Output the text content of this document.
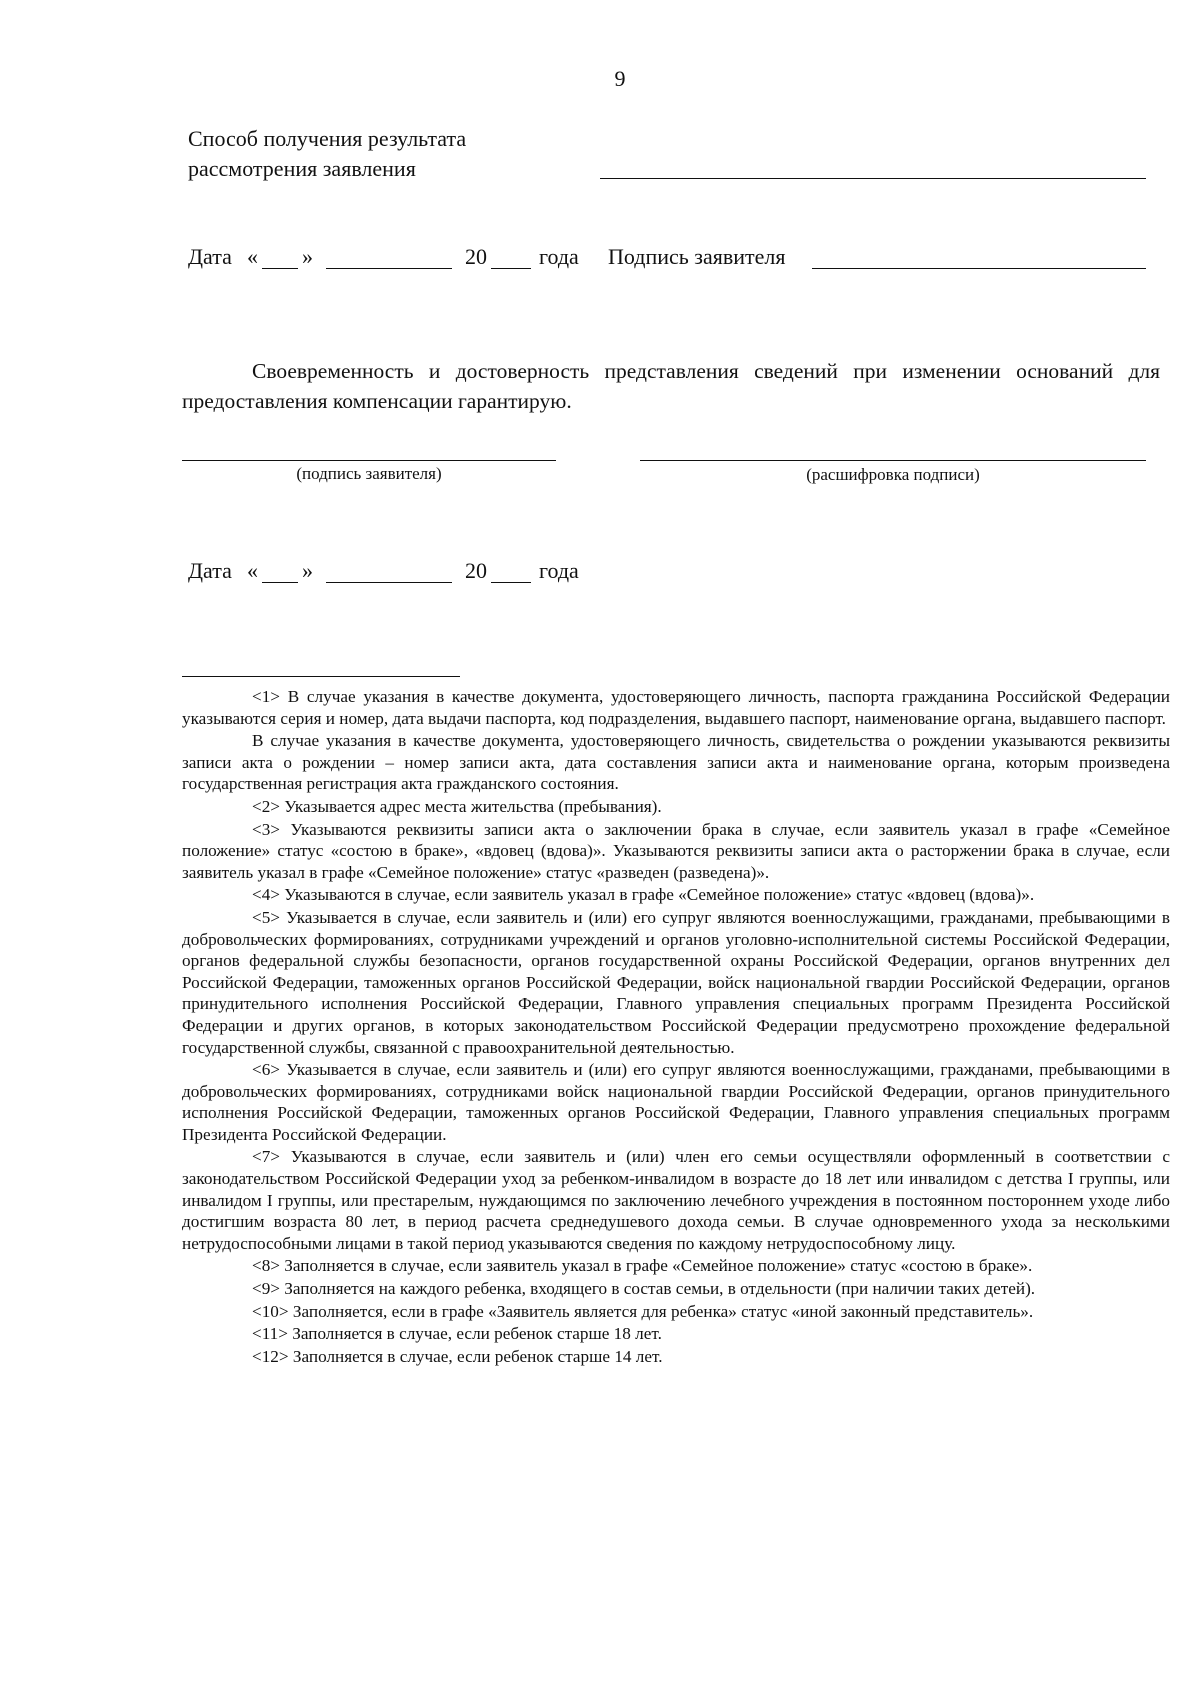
9
Способ получения результата
рассмотрения заявления
Дата « »	20 года Подпись заявителя
Своевременность и достоверность представления сведений при изменении оснований для предоставления компенсации гарантирую.
(подпись заявителя)	(расшифровка подписи)
Дата « »	20 года

<1> В случае указания в качестве документа, удостоверяющего личность, паспорта гражданина Российской Федерации указываются серия и номер, дата выдачи паспорта, код подразделения, выдавшего паспорт, наименование органа, выдавшего паспорт.

В случае указания в качестве документа, удостоверяющего личность, свидетельства о рождении указываются реквизиты записи акта о рождении – номер записи акта, дата составления записи акта и наименование органа, которым произведена государственная регистрация акта гражданского состояния.

<2> Указывается адрес места жительства (пребывания).

<3> Указываются реквизиты записи акта о заключении брака в случае, если заявитель указал в графе «Семейное положение» статус «состою в браке», «вдовец (вдова)». Указываются реквизиты записи акта о расторжении брака в случае, если заявитель указал в графе «Семейное положение» статус «разведен (разведена)».

<4> Указываются в случае, если заявитель указал в графе «Семейное положение» статус «вдовец (вдова)».

<5> Указывается в случае, если заявитель и (или) его супруг являются военнослужащими, гражданами, пребывающими в добровольческих формированиях, сотрудниками учреждений и органов уголовно-исполнительной системы Российской Федерации, органов федеральной службы безопасности, органов государственной охраны Российской Федерации, органов внутренних дел Российской Федерации, таможенных органов Российской Федерации, войск национальной гвардии Российской Федерации, органов принудительного исполнения Российской Федерации, Главного управления специальных программ Президента Российской Федерации и других органов, в которых законодательством Российской Федерации предусмотрено прохождение федеральной государственной службы, связанной с правоохранительной деятельностью.

<6> Указывается в случае, если заявитель и (или) его супруг являются военнослужащими, гражданами, пребывающими в добровольческих формированиях, сотрудниками войск национальной гвардии Российской Федерации, органов принудительного исполнения Российской Федерации, таможенных органов Российской Федерации, Главного управления специальных программ Президента Российской Федерации.

<7> Указываются в случае, если заявитель и (или) член его семьи осуществляли оформленный в соответствии с законодательством Российской Федерации уход за ребенком-инвалидом в возрасте до 18 лет или инвалидом с детства I группы, или инвалидом I группы, или престарелым, нуждающимся по заключению лечебного учреждения в постоянном постороннем уходе либо достигшим возраста 80 лет, в период расчета среднедушевого дохода семьи. В случае одновременного ухода за несколькими нетрудоспособными лицами в такой период указываются сведения по каждому нетрудоспособному лицу.

<8> Заполняется в случае, если заявитель указал в графе «Семейное положение» статус «состою в браке».

<9> Заполняется на каждого ребенка, входящего в состав семьи, в отдельности (при наличии таких детей).

<10> Заполняется, если в графе «Заявитель является для ребенка» статус «иной законный представитель».

<11> Заполняется в случае, если ребенок старше 18 лет.

<12> Заполняется в случае, если ребенок старше 14 лет.
